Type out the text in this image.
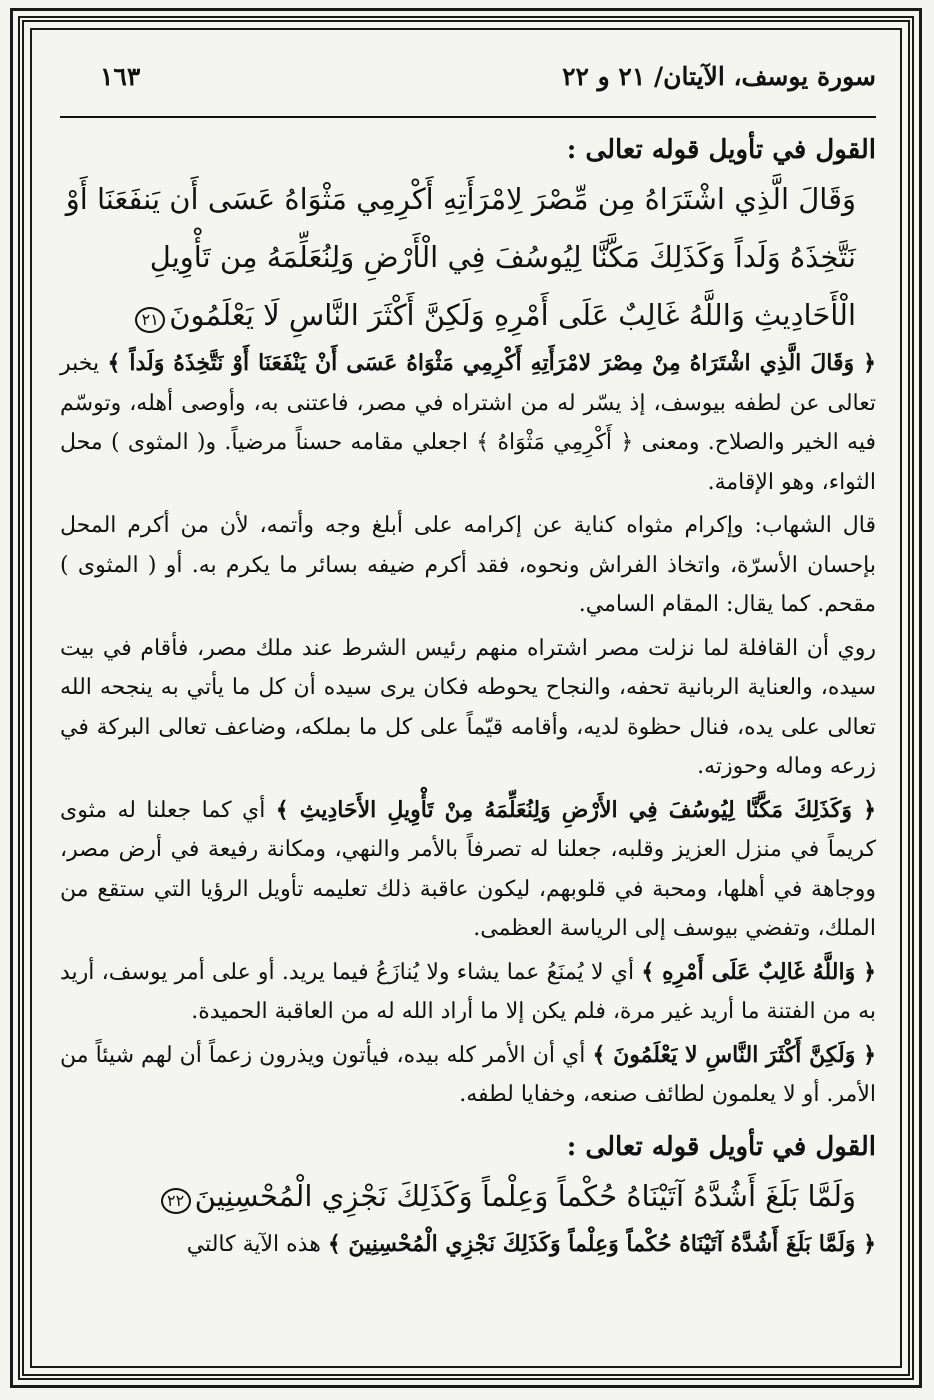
سورة يوسف، الآيتان/ ٢١ و ٢٢
١٦٣
القول في تأويل قوله تعالى :
وَقَالَ الَّذِي اشْتَرَاهُ مِن مِّصْرَ لِامْرَأَتِهِ أَكْرِمِي مَثْوَاهُ عَسَى أَن يَنفَعَنَا أَوْ
نَتَّخِذَهُ وَلَداً وَكَذَلِكَ مَكَّنَّا لِيُوسُفَ فِي الْأَرْضِ وَلِنُعَلِّمَهُ مِن تَأْوِيلِ
الْأَحَادِيثِ وَاللَّهُ غَالِبٌ عَلَى أَمْرِهِ وَلَكِنَّ أَكْثَرَ النَّاسِ لَا يَعْلَمُونَ٢١

﴿ وَقَالَ الَّذِي اشْتَرَاهُ مِنْ مِصْرَ لامْرَأَتِهِ أَكْرِمِي مَثْوَاهُ عَسَى أَنْ يَنْفَعَنَا أَوْ نَتَّخِذَهُ وَلَداً ﴾ يخبر تعالى عن لطفه بيوسف، إذ يسّر له من اشتراه في مصر، فاعتنى به، وأوصى أهله، وتوسّم فيه الخير والصلاح. ومعنى ﴿ أَكْرِمِي مَثْوَاهُ ﴾ اجعلي مقامه حسناً مرضياً. و( المثوى ) محل الثواء، وهو الإقامة.

قال الشهاب: وإكرام مثواه كناية عن إكرامه على أبلغ وجه وأتمه، لأن من أكرم المحل بإحسان الأسرّة، واتخاذ الفراش ونحوه، فقد أكرم ضيفه بسائر ما يكرم به. أو ( المثوى ) مقحم. كما يقال: المقام السامي.

روي أن القافلة لما نزلت مصر اشتراه منهم رئيس الشرط عند ملك مصر، فأقام في بيت سيده، والعناية الربانية تحفه، والنجاح يحوطه فكان يرى سيده أن كل ما يأتي به ينجحه الله تعالى على يده، فنال حظوة لديه، وأقامه قيّماً على كل ما بملكه، وضاعف تعالى البركة في زرعه وماله وحوزته.

﴿ وَكَذَلِكَ مَكَّنَّا لِيُوسُفَ فِي الأَرْضِ وَلِنُعَلِّمَهُ مِنْ تَأْوِيلِ الأَحَادِيثِ ﴾ أي كما جعلنا له مثوى كريماً في منزل العزيز وقلبه، جعلنا له تصرفاً بالأمر والنهي، ومكانة رفيعة في أرض مصر، ووجاهة في أهلها، ومحبة في قلوبهم، ليكون عاقبة ذلك تعليمه تأويل الرؤيا التي ستقع من الملك، وتفضي بيوسف إلى الرياسة العظمى.

﴿ وَاللَّهُ غَالِبٌ عَلَى أَمْرِهِ ﴾ أي لا يُمنَعُ عما يشاء ولا يُنازَعُ فيما يريد. أو على أمر يوسف، أريد به من الفتنة ما أريد غير مرة، فلم يكن إلا ما أراد الله له من العاقبة الحميدة.

﴿ وَلَكِنَّ أَكْثَرَ النَّاسِ لا يَعْلَمُونَ ﴾ أي أن الأمر كله بيده، فيأتون ويذرون زعماً أن لهم شيئاً من الأمر. أو لا يعلمون لطائف صنعه، وخفايا لطفه.

القول في تأويل قوله تعالى :
وَلَمَّا بَلَغَ أَشُدَّهُ آتَيْنَاهُ حُكْماً وَعِلْماً وَكَذَلِكَ نَجْزِي الْمُحْسِنِينَ٢٢

﴿ وَلَمَّا بَلَغَ أَشُدَّهُ آتَيْنَاهُ حُكْماً وَعِلْماً وَكَذَلِكَ نَجْزِي الْمُحْسِنِينَ ﴾ هذه الآية كالتي
